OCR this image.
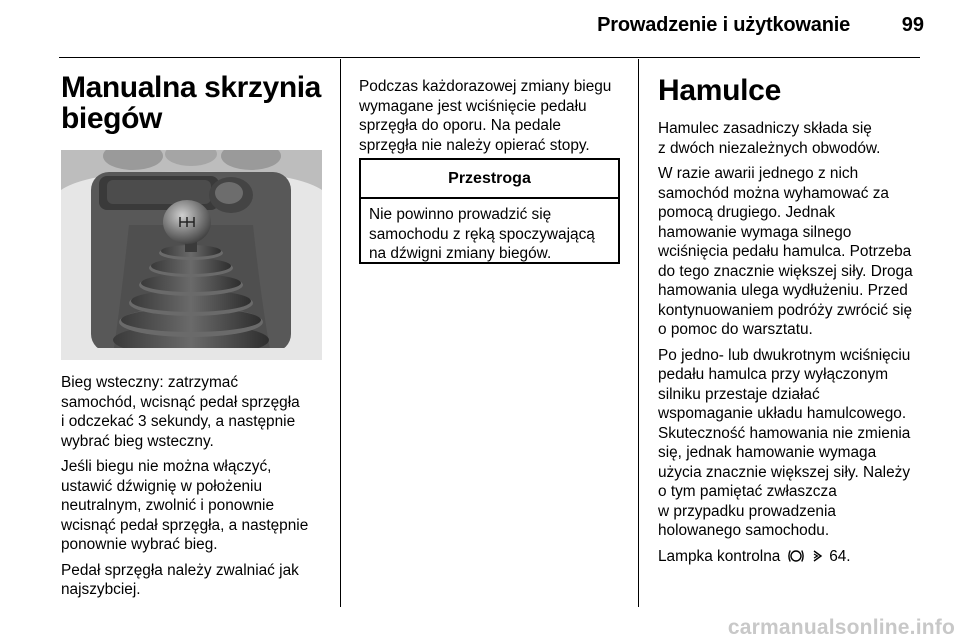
Prowadzenie i użytkowanie	99
Manualna skrzynia
biegów
Bieg wsteczny: zatrzymać
samochód, wcisnąć pedał sprzęgła
i odczekać 3 sekundy, a następnie
wybrać bieg wsteczny.
Jeśli biegu nie można włączyć,
ustawić dźwignię w położeniu
neutralnym, zwolnić i ponownie
wcisnąć pedał sprzęgła, a następnie
ponownie wybrać bieg.
Pedał sprzęgła należy zwalniać jak
najszybciej.
Podczas każdorazowej zmiany biegu
wymagane jest wciśnięcie pedału
sprzęgła do oporu. Na pedale
sprzęgła nie należy opierać stopy.
Przestroga
Nie powinno prowadzić się
samochodu z ręką spoczywającą
na dźwigni zmiany biegów.
Hamulce
Hamulec zasadniczy składa się
z dwóch niezależnych obwodów.
W razie awarii jednego z nich
samochód można wyhamować za
pomocą drugiego. Jednak
hamowanie wymaga silnego
wciśnięcia pedału hamulca. Potrzeba
do tego znacznie większej siły. Droga
hamowania ulega wydłużeniu. Przed
kontynuowaniem podróży zwrócić się
o pomoc do warsztatu.
Po jedno- lub dwukrotnym wciśnięciu
pedału hamulca przy wyłączonym
silniku przestaje działać
wspomaganie układu hamulcowego.
Skuteczność hamowania nie zmienia
się, jednak hamowanie wymaga
użycia znacznie większej siły. Należy
o tym pamiętać zwłaszcza
w przypadku prowadzenia
holowanego samochodu.
Lampka kontrolna	64.
carmanualsonline.info
